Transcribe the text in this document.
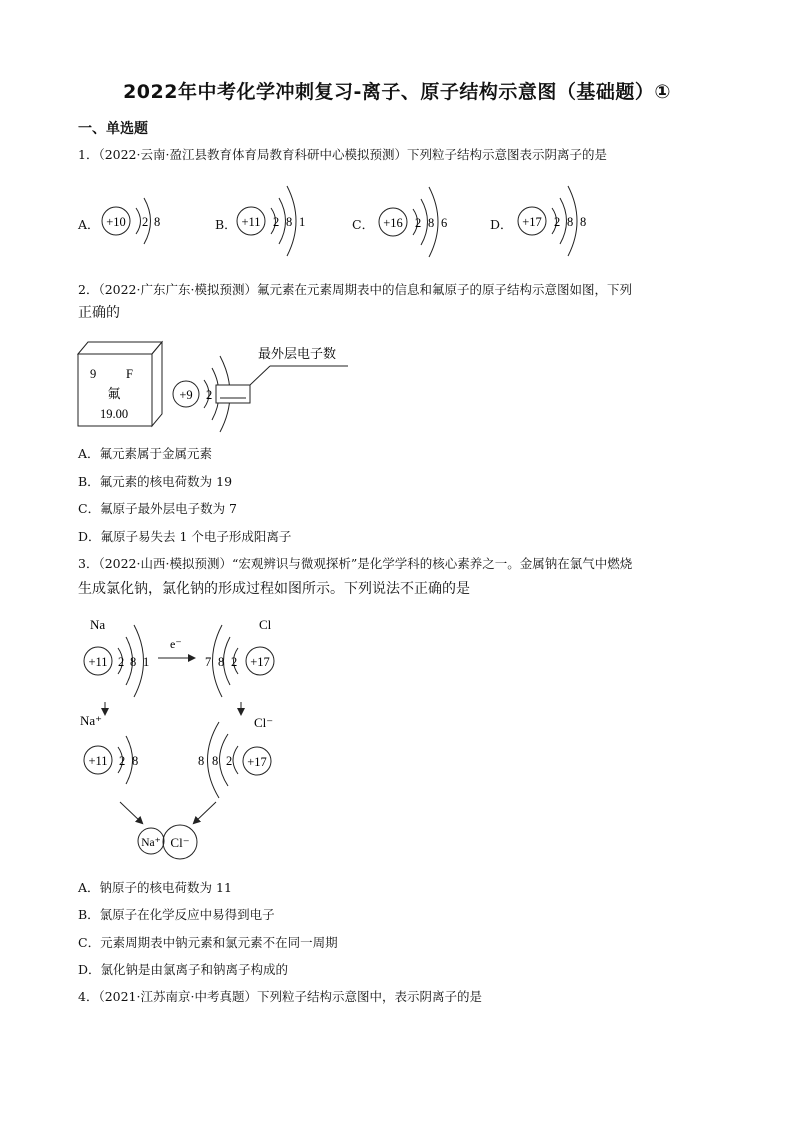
2022年中考化学冲刺复习-离子、原子结构示意图（基础题）①
一、单选题
1．（2022·云南·盈江县教育体育局教育科研中心模拟预测）下列粒子结构示意图表示阴离子的是
A． +10 2 8	B． +11 2 8 1	C． +16 2 8 6	D． +17 2 8 8
2．（2022·广东广东·模拟预测）氟元素在元素周期表中的信息和氟原子的原子结构示意图如图，下列
正确的
9 F
氟
19.00
+9 2
最外层电子数
A．氟元素属于金属元素
B．氟元素的核电荷数为 19
C．氟原子最外层电子数为 7
D．氟原子易失去 1 个电子形成阳离子
3．（2022·山西·模拟预测）“宏观辨识与微观探析”是化学学科的核心素养之一。金属钠在氯气中燃烧
生成氯化钠，氯化钠的形成过程如图所示。下列说法不正确的是
Na
+11 2 8 1
e⁻
Cl
7 8 2 +17
Na⁺
+11 2 8
Cl⁻
8 8 2 +17
Na⁺ Cl⁻
A．钠原子的核电荷数为 11
B．氯原子在化学反应中易得到电子
C．元素周期表中钠元素和氯元素不在同一周期
D．氯化钠是由氯离子和钠离子构成的
4．（2021·江苏南京·中考真题）下列粒子结构示意图中，表示阴离子的是
